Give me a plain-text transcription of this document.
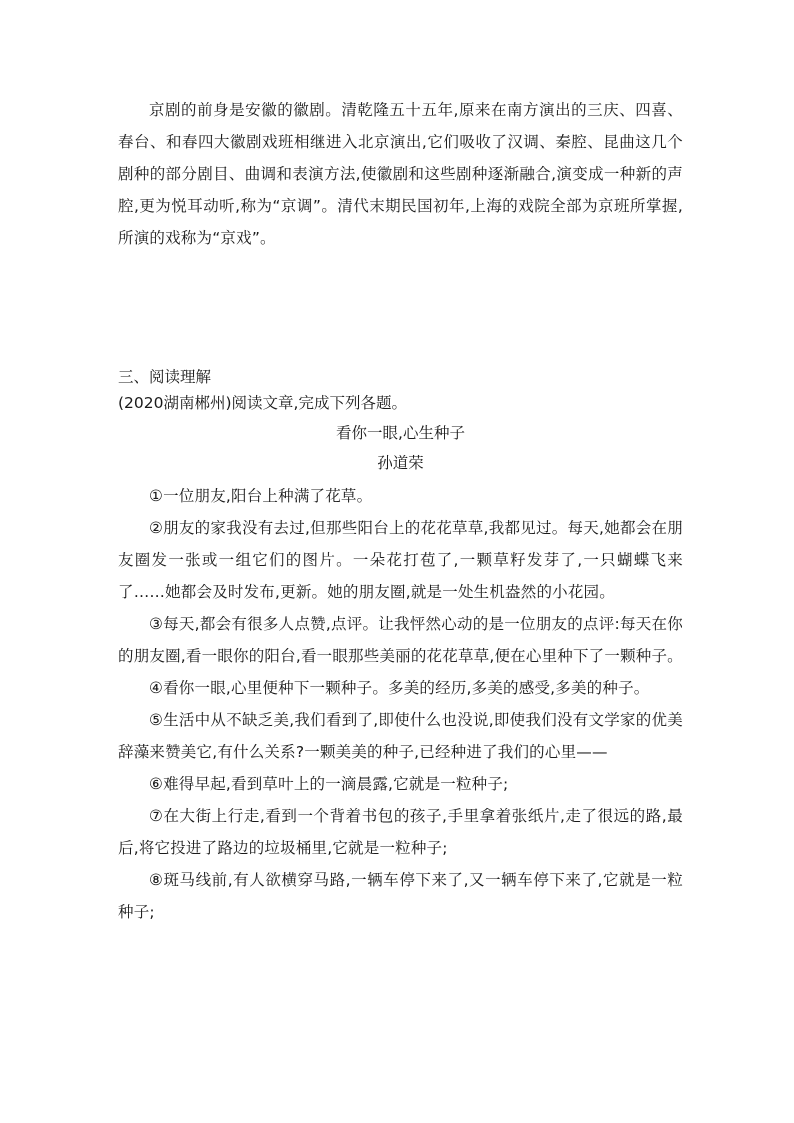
京剧的前身是安徽的徽剧。清乾隆五十五年,原来在南方演出的三庆、四喜、春台、和春四大徽剧戏班相继进入北京演出,它们吸收了汉调、秦腔、昆曲这几个剧种的部分剧目、曲调和表演方法,使徽剧和这些剧种逐渐融合,演变成一种新的声腔,更为悦耳动听,称为“京调”。清代末期民国初年,上海的戏院全部为京班所掌握,所演的戏称为“京戏”。

三、阅读理解

(2020湖南郴州)阅读文章,完成下列各题。

看你一眼,心生种子

孙道荣

①一位朋友,阳台上种满了花草。

②朋友的家我没有去过,但那些阳台上的花花草草,我都见过。每天,她都会在朋友圈发一张或一组它们的图片。一朵花打苞了,一颗草籽发芽了,一只蝴蝶飞来了……她都会及时发布,更新。她的朋友圈,就是一处生机盎然的小花园。

③每天,都会有很多人点赞,点评。让我怦然心动的是一位朋友的点评:每天在你的朋友圈,看一眼你的阳台,看一眼那些美丽的花花草草,便在心里种下了一颗种子。

④看你一眼,心里便种下一颗种子。多美的经历,多美的感受,多美的种子。

⑤生活中从不缺乏美,我们看到了,即使什么也没说,即使我们没有文学家的优美辞藻来赞美它,有什么关系?一颗美美的种子,已经种进了我们的心里——

⑥难得早起,看到草叶上的一滴晨露,它就是一粒种子;

⑦在大街上行走,看到一个背着书包的孩子,手里拿着张纸片,走了很远的路,最后,将它投进了路边的垃圾桶里,它就是一粒种子;

⑧斑马线前,有人欲横穿马路,一辆车停下来了,又一辆车停下来了,它就是一粒种子;
